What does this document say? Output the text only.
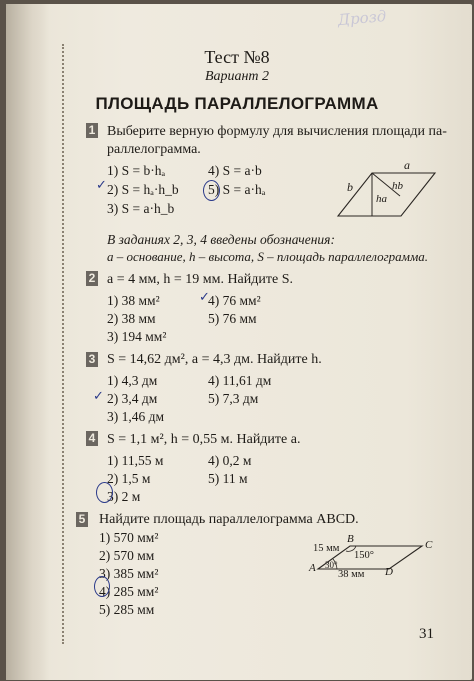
Дрозд
Тест №8
Вариант 2
ПЛОЩАДЬ ПАРАЛЛЕЛОГРАММА
1 Выберите верную формулу для вычисления площади па-
раллелограмма.
1) S = b·hₐ
2) S = hₐ·h_b
3) S = a·h_b
4) S = a·b
5) S = a·hₐ
✓
a
b	hb
ha
В заданиях 2, 3, 4 введены обозначения:
a – основание, h – высота, S – площадь параллелограмма.
2 a = 4 мм, h = 19 мм. Найдите S.
1) 38 мм²
2) 38 мм
3) 194 мм²
4) 76 мм²
5) 76 мм
✓
3 S = 14,62 дм², a = 4,3 дм. Найдите h.
1) 4,3 дм
2) 3,4 дм
3) 1,46 дм
4) 11,61 дм
5) 7,3 дм
✓
4 S = 1,1 м², h = 0,55 м. Найдите a.
1) 11,55 м
2) 1,5 м
3) 2 м
4) 0,2 м
5) 11 м
5 Найдите площадь параллелограмма ABCD.
1) 570 мм²
2) 570 мм
3) 385 мм²
4) 285 мм²
5) 285 мм
B	C
A	D
15 мм
38 мм
150°
30°
31
